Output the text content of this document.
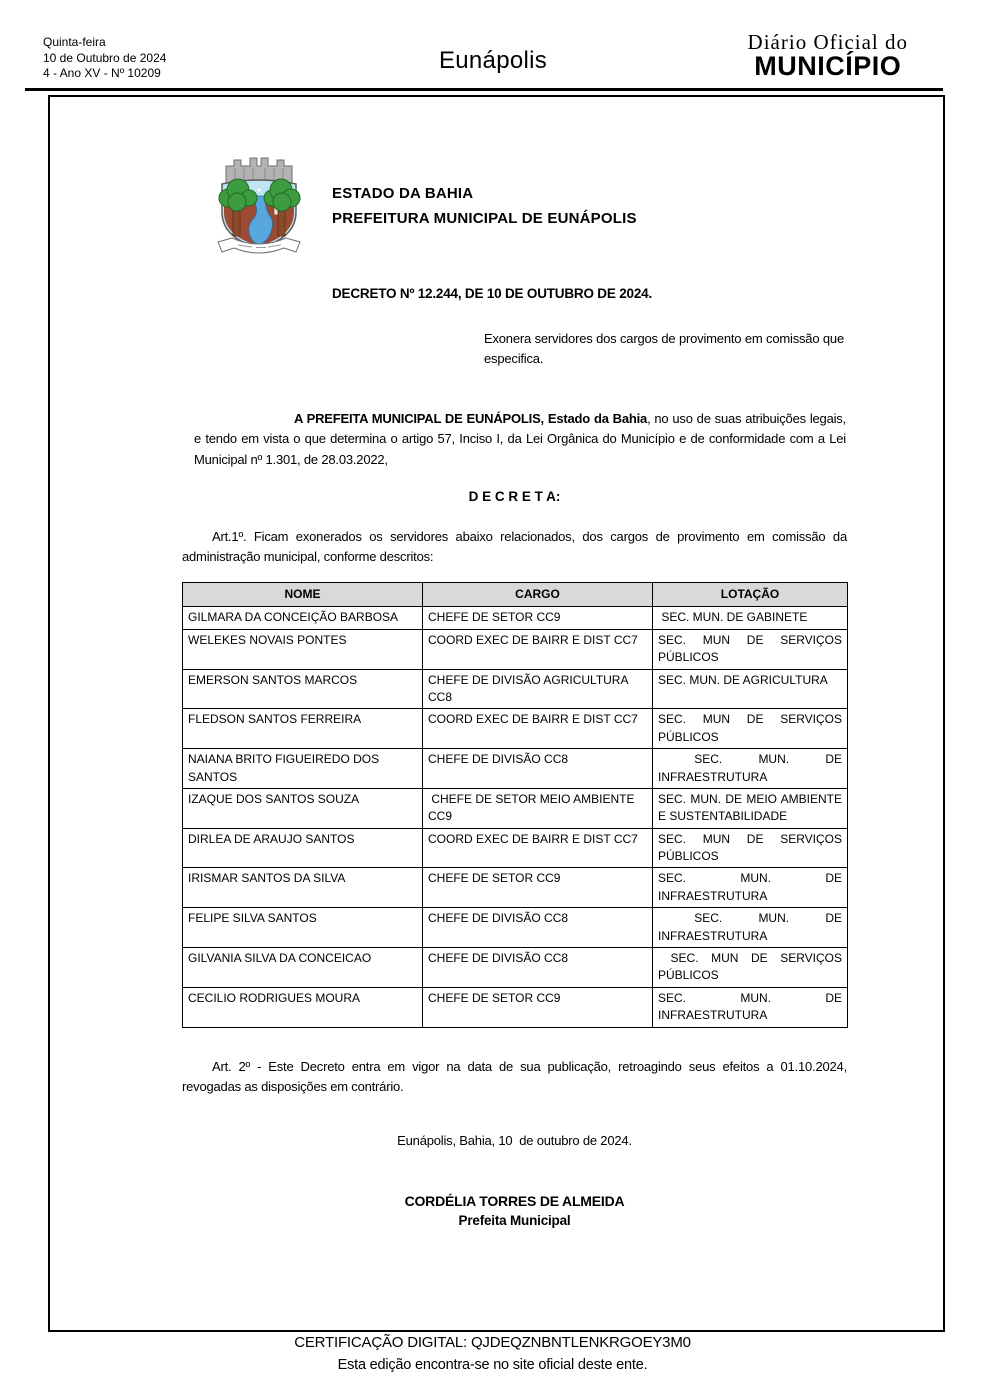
Quinta-feira
10 de Outubro de 2024
4 - Ano XV - Nº 10209	Eunápolis
Diário Oficial do
MUNICÍPIO
ESTADO DA BAHIA
PREFEITURA MUNICIPAL DE EUNÁPOLIS

DECRETO Nº 12.244, DE 10 DE OUTUBRO DE 2024.

Exonera servidores dos cargos de provimento em comissão que especifica.

A PREFEITA MUNICIPAL DE EUNÁPOLIS, Estado da Bahia, no uso de suas atribuições legais, e tendo em vista o que determina o artigo 57, Inciso I, da Lei Orgânica do Município e de conformidade com a Lei Municipal nº 1.301, de 28.03.2022,

D E C R E T A:

Art.1º. Ficam exonerados os servidores abaixo relacionados, dos cargos de provimento em comissão da administração municipal, conforme descritos:

NOME	CARGO	LOTAÇÃO
GILMARA DA CONCEIÇÃO BARBOSA	CHEFE DE SETOR CC9	SEC. MUN. DE GABINETE
WELEKES NOVAIS PONTES	COORD EXEC DE BAIRR E DIST CC7	SEC. MUN DE SERVIÇOS PÚBLICOS
EMERSON SANTOS MARCOS	CHEFE DE DIVISÃO AGRICULTURA CC8	SEC. MUN. DE AGRICULTURA
FLEDSON SANTOS FERREIRA	COORD EXEC DE BAIRR E DIST CC7	SEC. MUN DE SERVIÇOS PÚBLICOS
NAIANA BRITO FIGUEIREDO DOS SANTOS	CHEFE DE DIVISÃO CC8	SEC. MUN. DE INFRAESTRUTURA
IZAQUE DOS SANTOS SOUZA	CHEFE DE SETOR MEIO AMBIENTE CC9	SEC. MUN. DE MEIO AMBIENTE E SUSTENTABILIDADE
DIRLEA DE ARAUJO SANTOS	COORD EXEC DE BAIRR E DIST CC7	SEC. MUN DE SERVIÇOS PÚBLICOS
IRISMAR SANTOS DA SILVA	CHEFE DE SETOR CC9	SEC. MUN. DE INFRAESTRUTURA
FELIPE SILVA SANTOS	CHEFE DE DIVISÃO CC8	SEC. MUN. DE INFRAESTRUTURA
GILVANIA SILVA DA CONCEICAO	CHEFE DE DIVISÃO CC8	SEC. MUN DE SERVIÇOS PÚBLICOS
CECILIO RODRIGUES MOURA	CHEFE DE SETOR CC9	SEC. MUN. DE INFRAESTRUTURA

Art. 2º - Este Decreto entra em vigor na data de sua publicação, retroagindo seus efeitos a 01.10.2024, revogadas as disposições em contrário.

Eunápolis, Bahia, 10  de outubro de 2024.

CORDÉLIA TORRES DE ALMEIDA
Prefeita Municipal
CERTIFICAÇÃO DIGITAL: QJDEQZNBNTLENKRGOEY3M0
Esta edição encontra-se no site oficial deste ente.
